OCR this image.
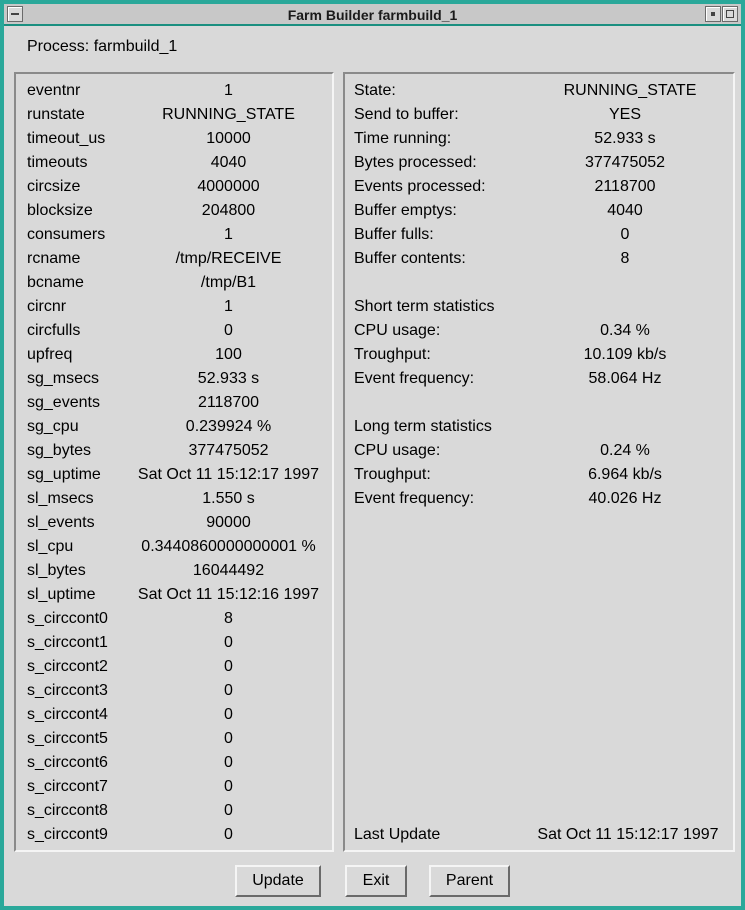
Farm Builder farmbuild_1
Process: farmbuild_1
eventnr	1
runstate	RUNNING_STATE
timeout_us	10000
timeouts	4040
circsize	4000000
blocksize	204800
consumers	1
rcname	/tmp/RECEIVE
bcname	/tmp/B1
circnr	1
circfulls	0
upfreq	100
sg_msecs	52.933 s
sg_events	2118700
sg_cpu	0.239924 %
sg_bytes	377475052
sg_uptime	Sat Oct 11 15:12:17 1997
sl_msecs	1.550 s
sl_events	90000
sl_cpu	0.3440860000000001 %
sl_bytes	16044492
sl_uptime	Sat Oct 11 15:12:16 1997
s_circcont0	8
s_circcont1	0
s_circcont2	0
s_circcont3	0
s_circcont4	0
s_circcont5	0
s_circcont6	0
s_circcont7	0
s_circcont8	0
s_circcont9	0
State:	RUNNING_STATE
Send to buffer:	YES
Time running:	52.933 s
Bytes processed:	377475052
Events processed:	2118700
Buffer emptys:	4040
Buffer fulls:	0
Buffer contents:	8
Short term statistics
CPU usage:	0.34 %
Troughput:	10.109 kb/s
Event frequency:	58.064 Hz
Long term statistics
CPU usage:	0.24 %
Troughput:	6.964 kb/s
Event frequency:	40.026 Hz
Last Update	Sat Oct 11 15:12:17 1997
Update	Exit	Parent
